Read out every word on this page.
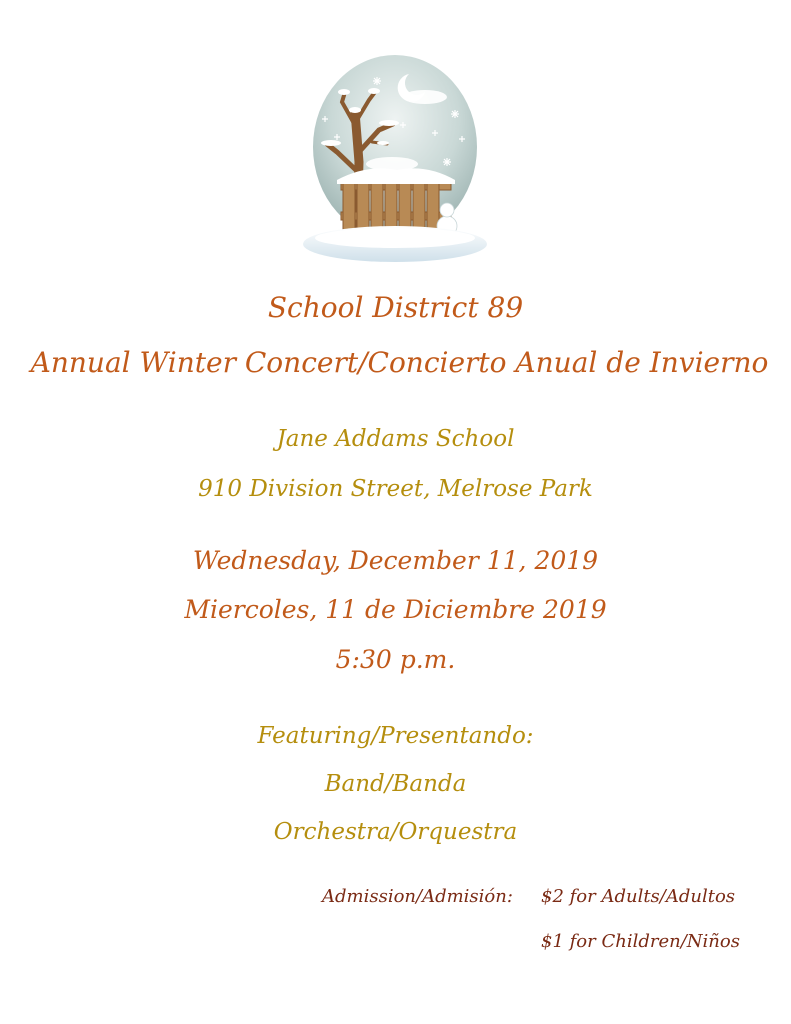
School District 89
Annual Winter Concert/Concierto Anual de Invierno
Jane Addams School
910 Division Street, Melrose Park
Wednesday, December 11, 2019
Miercoles, 11 de Diciembre 2019
5:30 p.m.
Featuring/Presentando:
Band/Banda
Orchestra/Orquestra
Admission/Admisión: $2 for Adults/Adultos
$1 for Children/Niños
